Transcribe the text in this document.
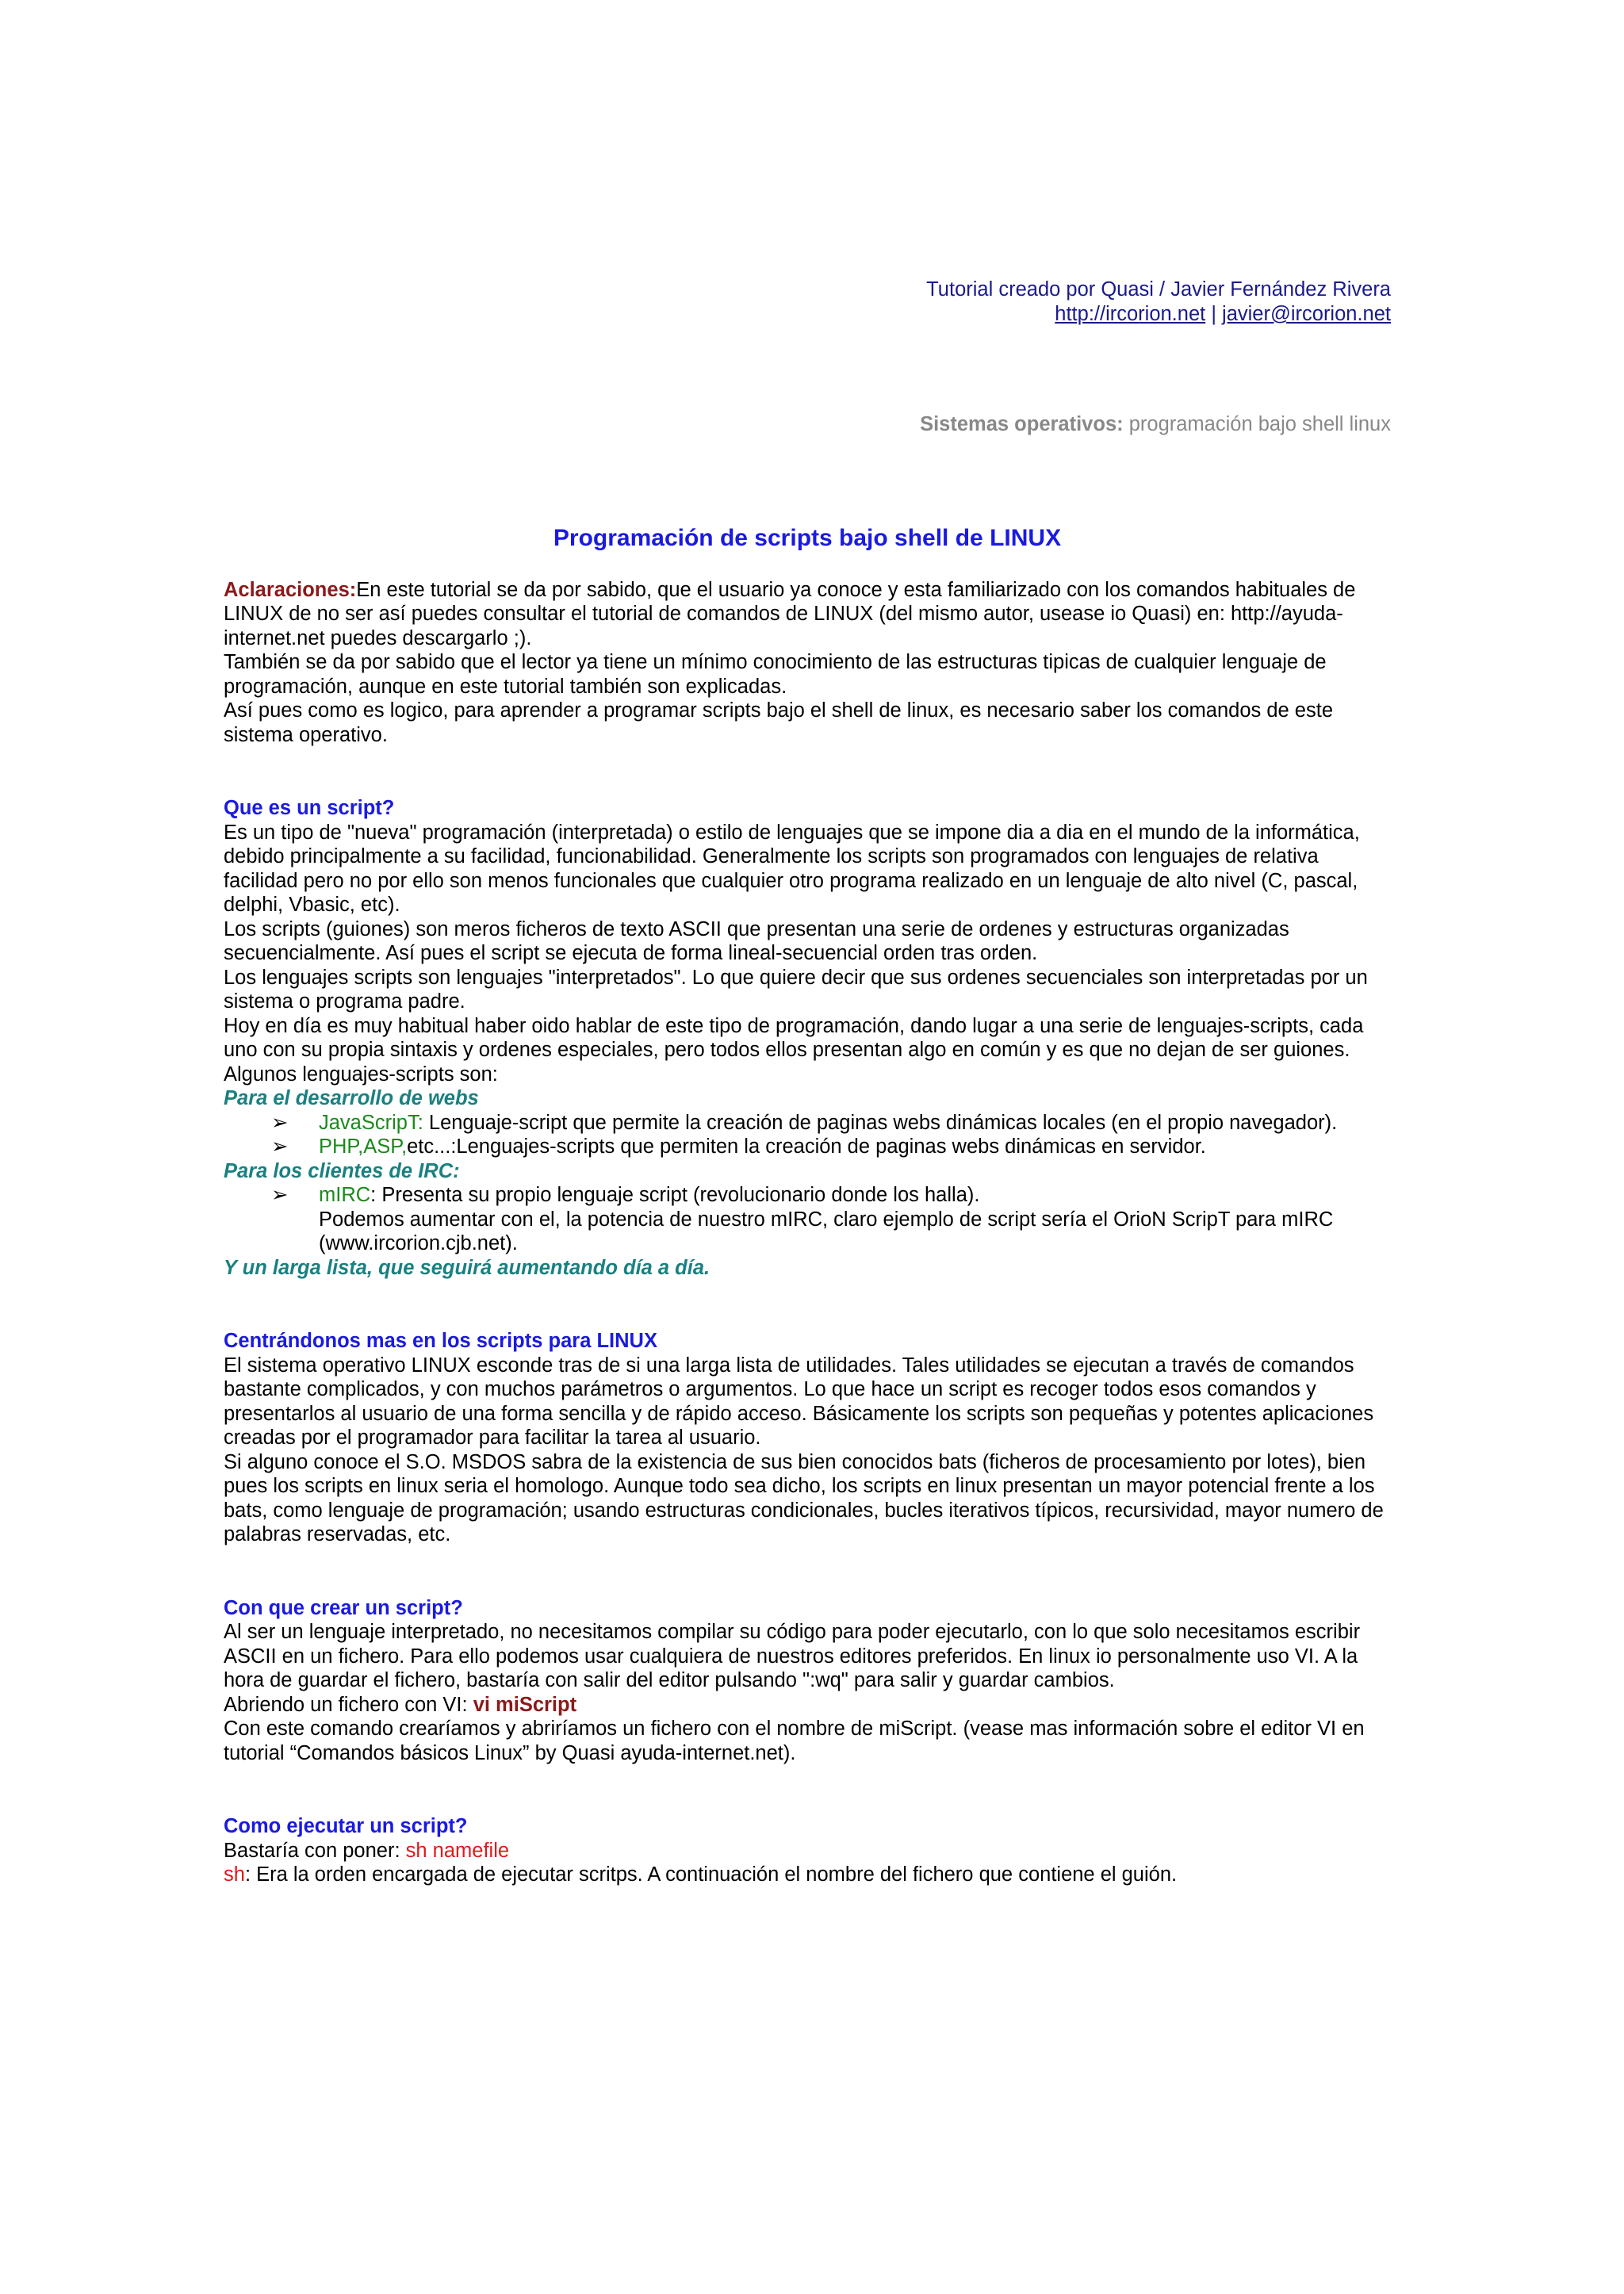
Tutorial creado por Quasi / Javier Fernández Rivera
http://ircorion.net | javier@ircorion.net
Sistemas operativos: programación bajo shell linux
Programación de scripts bajo shell de LINUX

Aclaraciones:En este tutorial se da por sabido, que el usuario ya conoce y esta familiarizado con los comandos habituales de LINUX de no ser así puedes consultar el tutorial de comandos de LINUX (del mismo autor, usease io Quasi) en: http://ayuda-internet.net puedes descargarlo ;).

También se da por sabido que el lector ya tiene un mínimo conocimiento de las estructuras tipicas de cualquier lenguaje de programación, aunque en este tutorial también son explicadas.

Así pues como es logico, para aprender a programar scripts bajo el shell de linux, es necesario saber los comandos de este sistema operativo.

Que es un script?

Es un tipo de "nueva" programación (interpretada) o estilo de lenguajes que se impone dia a dia en el mundo de la informática, debido principalmente a su facilidad, funcionabilidad. Generalmente los scripts son programados con lenguajes de relativa facilidad pero no por ello son menos funcionales que cualquier otro programa realizado en un lenguaje de alto nivel (C, pascal, delphi, Vbasic, etc).

Los scripts (guiones) son meros ficheros de texto ASCII que presentan una serie de ordenes y estructuras organizadas secuencialmente. Así pues el script se ejecuta de forma lineal-secuencial orden tras orden.

Los lenguajes scripts son lenguajes "interpretados". Lo que quiere decir que sus ordenes secuenciales son interpretadas por un sistema o programa padre.

Hoy en día es muy habitual haber oido hablar de este tipo de programación, dando lugar a una serie de lenguajes-scripts, cada uno con su propia sintaxis y ordenes especiales, pero todos ellos presentan algo en común y es que no dejan de ser guiones.

Algunos lenguajes-scripts son:

Para el desarrollo de webs

➢ JavaScripT: Lenguaje-script que permite la creación de paginas webs dinámicas locales (en el propio navegador).
➢ PHP,ASP,etc...:Lenguajes-scripts que permiten la creación de paginas webs dinámicas en servidor.

Para los clientes de IRC:

➢ mIRC: Presenta su propio lenguaje script (revolucionario donde los halla).

Podemos aumentar con el, la potencia de nuestro mIRC, claro ejemplo de script sería el OrioN ScripT para mIRC (www.ircorion.cjb.net).

Y un larga lista, que seguirá aumentando día a día.

Centrándonos mas en los scripts para LINUX

El sistema operativo LINUX esconde tras de si una larga lista de utilidades. Tales utilidades se ejecutan a través de comandos bastante complicados, y con muchos parámetros o argumentos. Lo que hace un script es recoger todos esos comandos y presentarlos al usuario de una forma sencilla y de rápido acceso. Básicamente los scripts son pequeñas y potentes aplicaciones creadas por el programador para facilitar la tarea al usuario.

Si alguno conoce el S.O. MSDOS sabra de la existencia de sus bien conocidos bats (ficheros de procesamiento por lotes), bien pues los scripts en linux seria el homologo. Aunque todo sea dicho, los scripts en linux presentan un mayor potencial frente a los bats, como lenguaje de programación; usando estructuras condicionales, bucles iterativos típicos, recursividad, mayor numero de palabras reservadas, etc.

Con que crear un script?

Al ser un lenguaje interpretado, no necesitamos compilar su código para poder ejecutarlo, con lo que solo necesitamos escribir ASCII en un fichero. Para ello podemos usar cualquiera de nuestros editores preferidos. En linux io personalmente uso VI. A la hora de guardar el fichero, bastaría con salir del editor pulsando ":wq" para salir y guardar cambios.

Abriendo un fichero con VI: vi miScript

Con este comando crearíamos y abriríamos un fichero con el nombre de miScript. (vease mas información sobre el editor VI en tutorial “Comandos básicos Linux” by Quasi ayuda-internet.net).

Como ejecutar un script?

Bastaría con poner: sh namefile

sh: Era la orden encargada de ejecutar scritps. A continuación el nombre del fichero que contiene el guión.
